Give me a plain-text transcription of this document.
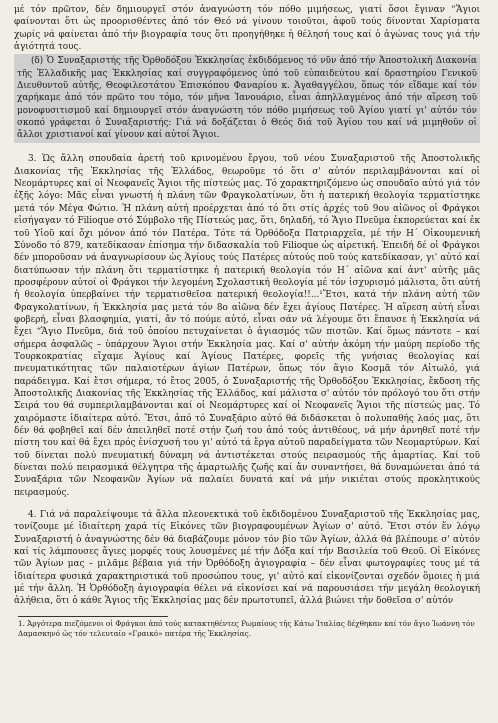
μέ τόν πρῶτον, δέν δημιουργεῖ στόν ἀναγνώστη τόν πόθο μιμήσεως, γιατί ὅσοι ἔγιναν “Ἅγιοι φαίνονται ὅτι ὡς προορισθέντες ἀπό τόν Θεό νά γίνουν τοιοῦτοι, ἀφοῦ τούς δίνονται Χαρίσματα χωρίς νά φαίνεται ἀπό τήν βιογραφία τους ὅτι προηγήθηκε ἡ θέλησή τους καί ὁ ἀγώνας τους γιά τήν ἁγιότητά τους.

(δ) Ὁ Συναξαριστής τῆς Ὀρθοδόξου Ἐκκλησίας ἐκδιδόμενος τό νῦν ἀπό τήν Ἀποστολική Διακονία τῆς Ἐλλαδικῆς μας Ἐκκλησίας καί συγγραφόμενος ὑπό τοῦ εὐπαιδεύτου καί δραστηρίου Γενικοῦ Διευθυντοῦ αὐτῆς, Θεοφιλεστάτου Ἐπισκόπου Φαναρίου κ. Ἀγαθαγγέλου, ὅπως τόν εἴδαμε καί τόν χαρήκαμε ἀπό τόν πρῶτο του τόμο, τόν μῆνα Ἰανουάριο, εἶναι ἀπηλλαγμένος ἀπό τήν αἵρεση τοῦ μονοφυσιτισμοῦ καί δημιουργεῖ στόν ἀναγνώστη τόν πόθο μιμήσεως τοῦ Ἁγίου γιατί γι' αὐτόν τόν σκοπό γράφεται ὁ Συναξαριστής: Γιά νά δοξάζεται ὁ Θεός διά τοῦ Ἁγίου του καί νά μιμηθοῦν οἱ ἄλλοι χριστιανοί καί γίνουν καί αὐτοί Ἅγιοι.

3. Ὡς ἄλλη σπουδαία ἀρετή τοῦ κρινομένου ἔργου, τοῦ νέου Συναξαριστοῦ τῆς Ἀποστολικῆς Διακονίας τῆς Ἐκκλησίας τῆς Ἑλλάδος, θεωροῦμε τό ὅτι σ' αὐτόν περιλαμβάνονται καί οἱ Νεομάρτυρες καί οἱ Νεοφανεῖς Ἅγιοι τῆς πίστεώς μας. Τό χαρακτηριζόμενο ὡς σπουδαῖο αὐτό γιά τόν ἑξῆς λόγο: Μᾶς εἶναι γνωστή ἡ πλάνη τῶν Φραγκολατίνων, ὅτι ἡ πατερική θεολογία τερματίστηκε μετά τόν Μέγα Φώτιο. Ἡ πλάνη αὐτή προέρχεται ἀπό τό ὅτι στίς ἀρχές τοῦ 9ου αἰῶνος οἱ Φράγκοι εἰσήγαγαν τό Filioque στό Σύμβολο τῆς Πίστεώς μας, ὅτι, δηλαδή, τό Ἅγιο Πνεῦμα ἐκπορεύεται καί ἐκ τοῦ Υἱοῦ καί ὄχι μόνον ἀπό τόν Πατέρα. Τότε τά Ὀρθόδοξα Πατριαρχεῖα, μέ τήν Η´ Οἰκουμενική Σύνοδο τό 879, κατεδίκασαν ἐπίσημα τήν διδασκαλία τοῦ Filioque ὡς αἱρετική. Ἐπειδή δέ οἱ Φράγκοι δέν μποροῦσαν νά ἀναγνωρίσουν ὡς Ἁγίους τούς Πατέρες αὐτούς ποῦ τούς κατεδίκασαν, γι' αὐτό καί διατύπωσαν τήν πλάνη ὅτι τερματίστηκε ἡ πατερική θεολογία τόν Η´ αἰῶνα καί ἀντ' αὐτῆς μᾶς προσφέρουν αὐτοί οἱ Φράγκοι τήν λεγομένη Σχολαστική θεολογία μέ τόν ἰσχυρισμό μάλιστα, ὅτι αὐτή ἡ θεολογία ὑπερβαίνει τήν τερματισθεῖσα πατερική θεολογία!!...¹Ἔτσι, κατά τήν πλάνη αὐτή τῶν Φραγκολατίνων, ἡ Ἐκκλησία μας μετά τόν 8ο αἰῶνα δέν ἔχει ἁγίους Πατέρες. Ἡ αἵρεση αὐτή εἶναι φοβερή, εἶναι βλασφημία, γιατί, ἄν τό πούμε αὐτό, εἶναι σάν νά λέγουμε ὅτι ἔπαυσε ἡ Ἐκκλησία νά ἔχει “Ἅγιο Πνεῦμα, διά τοῦ ὁποίου πετυχαίνεται ὁ ἁγιασμός τῶν πιστῶν. Καί ὅμως πάντοτε – καί σήμερα ἀσφαλῶς – ὑπάρχουν Ἅγιοι στήν Ἐκκλησία μας. Καί σ' αὐτήν ἀκόμη τήν μαύρη περίοδο τῆς Τουρκοκρατίας εἴχαμε Ἁγίους καί Ἁγίους Πατέρες, φορεῖς τῆς γνήσιας θεολογίας καί πνευματικότητας τῶν παλαιοτέρων ἁγίων Πατέρων, ὅπως τόν ἅγιο Κοσμᾶ τόν Αἰτωλό, γιά παράδειγμα. Καί ἔτσι σήμερα, τό ἔτος 2005, ὁ Συναξαριστής τῆς Ὀρθοδόξου Ἐκκλησίας, ἔκδοση τῆς Ἀποστολικῆς Διακονίας τῆς Ἐκκλησίας τῆς Ἑλλάδος, καί μάλιστα σ' αὐτόν τόν πρόλογό του ὅτι στήν Σειρά του θά συμπεριλαμβάνονται καί οἱ Νεομάρτυρες καί οἱ Νεοφανεῖς Ἅγιοι τῆς πίστεώς μας. Τό χαιρόμαστε ἰδιαίτερα αὐτό. Ἔτσι, ἀπό τό Συναξάριο αὐτό θά διδάσκεται ὁ πολυπαθής λαός μας, ὅτι δέν θά φοβηθεῖ καί δέν ἀπειληθεῖ ποτέ στήν ζωή του ἀπό τούς ἀντιθέους, νά μήν ἀρνηθεῖ ποτέ τήν πίστη του καί θά ἔχει πρός ἐνίσχυσή του γι' αὐτό τά ἔργα αὐτοῦ παραδείγματα τῶν Νεομαρτύρων. Καί τοῦ δίνεται πολύ πνευματική δύναμη νά ἀντιστέκεται στούς πειρασμούς τῆς ἁμαρτίας. Καί τοῦ δίνεται πολύ πειρασμικά θέλγητρα τῆς ἁμαρτωλῆς ζωῆς καί ἄν συναντήσει, θά δυναμώνεται ἀπό τά Συναξάρια τῶν Νεοφανῶν Ἁγίων νά παλαίει δυνατά καί νά μήν νικιέται στούς προκλητικούς πειρασμούς.

4. Γιά νά παραλείψουμε τά ἄλλα πλεονεκτικά τοῦ ἐκδιδομένου Συναξαριστοῦ τῆς Ἐκκλησίας μας, τονίζουμε μέ ἰδιαίτερη χαρά τίς Εἰκόνες τῶν βιογραφουμένων Ἁγίων σ' αὐτό. Ἔτσι στόν ἕν λόγῳ Συναξαριστή ὁ ἀναγνώστης δέν θά διαβάζουμε μόνον τόν βίο τῶν Ἁγίων, ἀλλά θά βλέπουμε σ' αὐτόν καί τίς λάμπουσες ἅγιες μορφές τους λουσμένες μέ τήν Δόξα καί τήν Βασιλεία τοῦ Θεοῦ. Οἱ Εἰκόνες τῶν Ἁγίων μας – μιλᾶμε βέβαια γιά τήν Ὀρθόδοξη ἁγιογραφία – δέν εἶναι φωτογραφίες τους μέ τά ἰδιαίτερα φυσικά χαρακτηριστικά τοῦ προσώπου τους, γι' αὐτό καί εἰκονίζονται σχεδόν ὅμοιες ἡ μιά μέ τήν ἄλλη. Ἡ Ὀρθόδοξη ἁγιογραφία θέλει νά εἰκονίσει καί νά παρουσιάσει τήν μεγάλη θεολογική ἀλήθεια, ὅτι ὁ κάθε Ἅγιος τῆς Ἐκκλησίας μας δέν πρωτοτυπεῖ, ἀλλά βιώνει τήν δοθεῖσα σ' αὐτόν

1. Ἀργότερα πιεζόμενοι οἱ Φράγκοι ἀπό τούς κατακτηθέντες Ρωμαίους τῆς Κάτω Ἰταλίας δέχθηκαν καί τόν ἅγιο Ἰωάννη τόν Δαμασκηνό ὡς τόν τελευταῖο «Γραικό» πατέρα τῆς Ἐκκλησίας.
